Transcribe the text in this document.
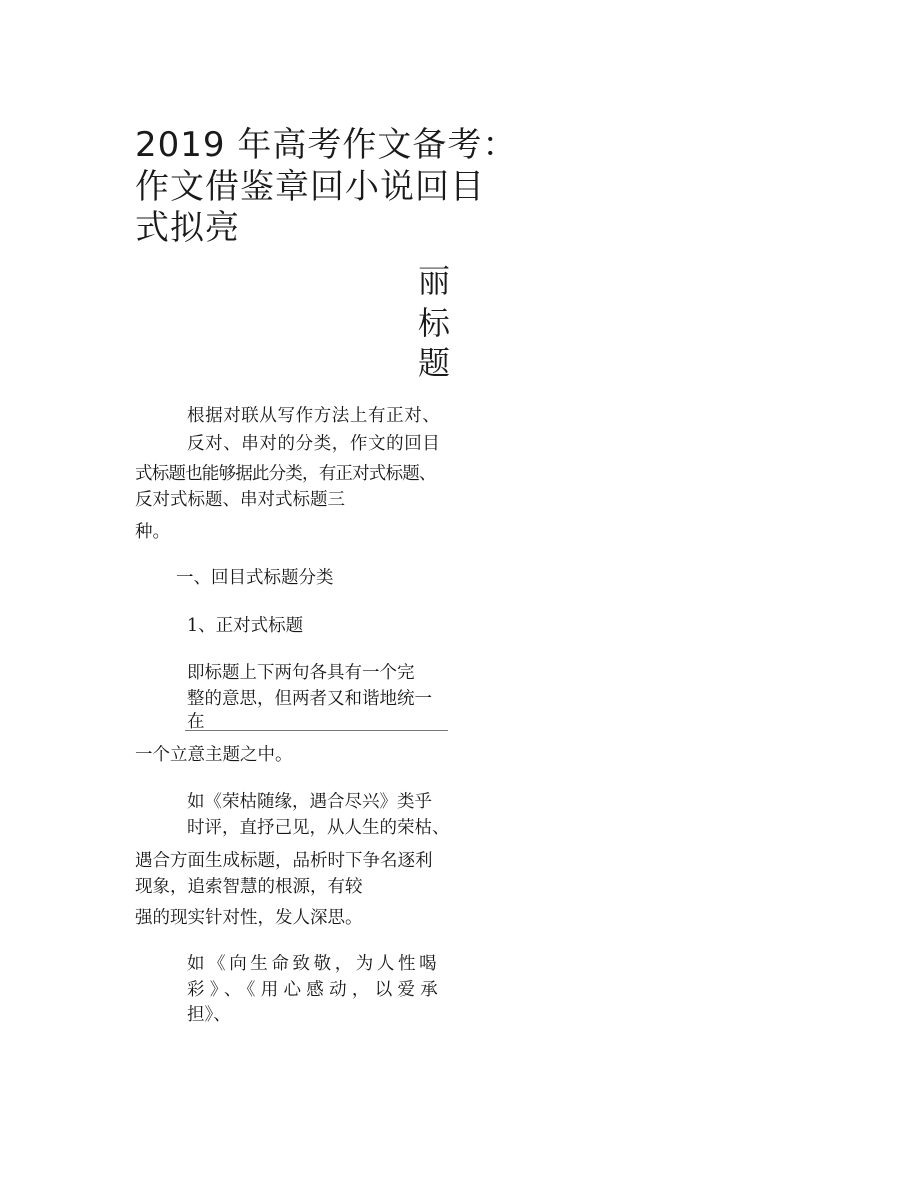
2019 年高考作文备考：
作文借鉴章回小说回目
式拟亮
丽
标
题
根据对联从写作方法上有正对、
反对、串对的分类，作文的回目
式标题也能够据此分类，有正对式标题、
反对式标题、串对式标题三
种。
一、回目式标题分类
1、正对式标题
即标题上下两句各具有一个完
整的意思，但两者又和谐地统一
在
一个立意主题之中。
如《荣枯随缘，遇合尽兴》类乎
时评，直抒己见，从人生的荣枯、
遇合方面生成标题，品析时下争名逐利
现象，追索智慧的根源，有较
强的现实针对性，发人深思。
如《向生命致敬，为人性喝
彩》、《用心感动，以爱承
担》、
